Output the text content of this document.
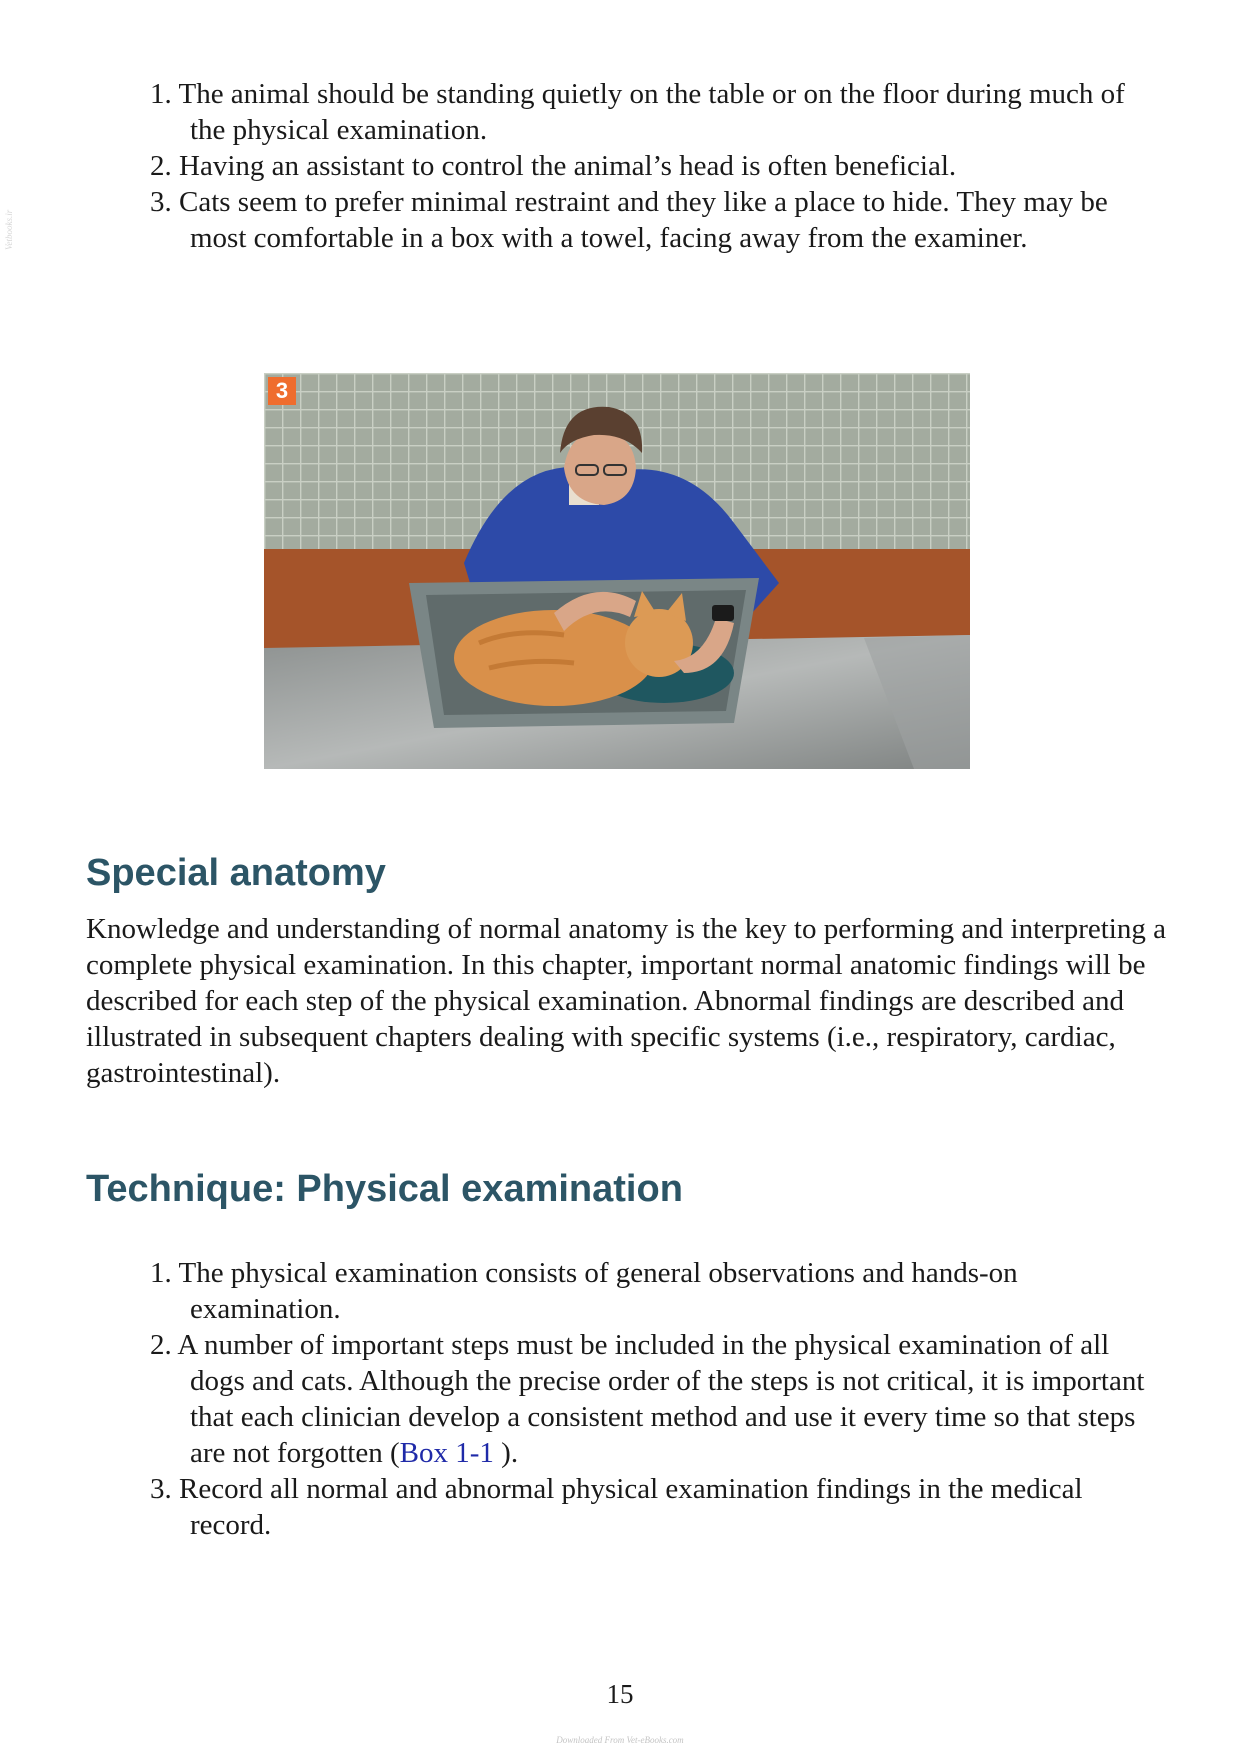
Vetbooks.ir
1. The animal should be standing quietly on the table or on the floor during much of the physical examination.
2. Having an assistant to control the animal’s head is often beneficial.
3. Cats seem to prefer minimal restraint and they like a place to hide. They may be most comfortable in a box with a towel, facing away from the examiner.
3
Special anatomy

Knowledge and understanding of normal anatomy is the key to performing and interpreting a complete physical examination. In this chapter, important normal anatomic findings will be described for each step of the physical examination. Abnormal findings are described and illustrated in subsequent chapters dealing with specific systems (i.e., respiratory, cardiac, gastrointestinal).

Technique: Physical examination
1. The physical examination consists of general observations and hands-on examination.
2. A number of important steps must be included in the physical examination of all dogs and cats. Although the precise order of the steps is not critical, it is important that each clinician develop a consistent method and use it every time so that steps are not forgotten (Box 1-1 ).
3. Record all normal and abnormal physical examination findings in the medical record.
15
Downloaded From Vet-eBooks.com
